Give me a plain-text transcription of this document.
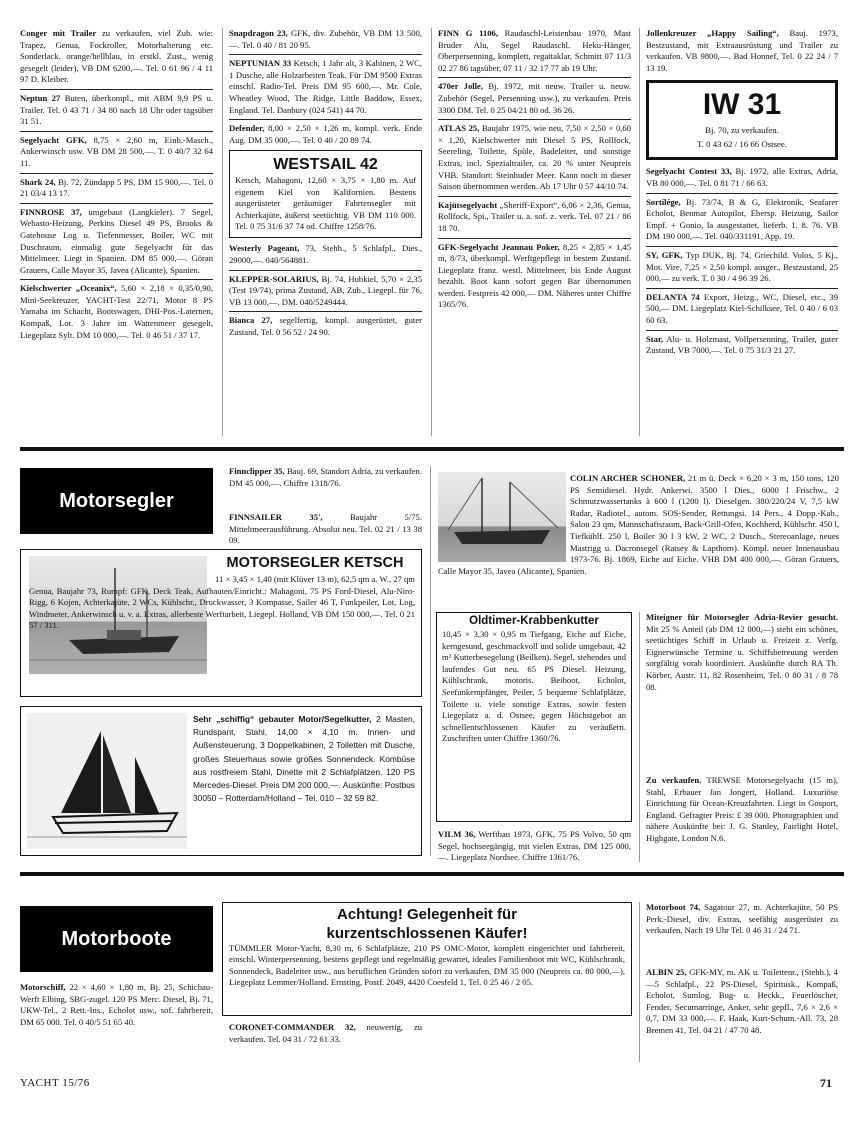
Conger mit Trailer zu verkaufen, viel Zub. wie: Trapez, Genua, Fockroller, Motorhalterung etc. Sonderlack. orange/hellblau, in erstkl. Zust., wenig gesegelt (leider), VB DM 6200,—. Tel. 0 61 96 / 4 11 97 D. Kleiber.

Neptun 27 Buten, überkompl., mit ABM 9,9 PS u. Trailer. Tel. 0 43 71 / 34 80 nach 18 Uhr oder tagsüber 31 51.

Segelyacht GFK, 8,75 × 2,60 m, Einb.-Masch., Ankerwinsch usw. VB DM 28 500,—. T. 0 40/7 32 64 11.

Shark 24, Bj. 72, Zündapp 5 PS, DM 15 900,—. Tel. 0 21 03/4 13 17.

FINNROSE 37, umgebaut (Langkieler). 7 Segel, Webasto-Heizung, Perkins Diesel 49 PS, Brooks & Gatehouse Log u. Tiefenmesser, Boiler, WC mit Duschraum, einmalig gute Segelyacht für das Mittelmeer. Liegt in Spanien. DM 85 000,—. Göran Grauers, Calle Mayor 35, Javea (Alicante), Spanien.

Kielschwerter „Oceanix“, 5,60 × 2,18 × 0,35/0,90, Mini-Seekreuzer, YACHT-Test 22/71, Motor 8 PS Yamaha im Schacht, Bootswagen, DHI-Pos.-Laternen, Kompaß, Lot. 3 Jahre im Wattenmeer gesegelt, Liegeplatz Sylt. DM 10 000,—. Tel. 0 46 51 / 37 17.

Snapdragon 23, GFK, div. Zubehör, VB DM 13 500,—. Tel. 0 40 / 81 20 95.

NEPTUNIAN 33 Ketsch, 1 Jahr alt, 3 Kabinen, 2 WC, 1 Dusche, alle Holzarbeiten Teak. Für DM 9500 Extras einschl. Radio-Tel. Preis DM 95 600,—. Mr. Cole, Wheatley Wood, The Ridge, Little Baddow, Essex, England. Tel. Danbury (024 541) 44 70.

Defender, 8,00 × 2,50 × 1,26 m, kompl. verk. Ende Aug. DM 35 000,—. Tel. 0 40 / 20 89 74.

WESTSAIL 42
Ketsch, Mahagoni, 12,60 × 3,75 × 1,80 m. Auf eigenem Kiel von Kalifornien. Bestens ausgerüsteter geräumiger Fahrtensegler mit Achterkajüte, äußerst seetüchtig. VB DM 110 000. Tel. 0 75 31/6 37 74 od. Chiffre 1258/76.

Westerly Pageant, 73, Stehh., 5 Schlafpl., Dies., 29000,—. 040/564881.

KLEPPER-SOLARIUS, Bj. 74, Hubkiel, 5,70 × 2,35 (Test 19/74), prima Zustand, AB, Zub., Liegepl. für 76, VB 13 000,—. DM. 040/5249444.

Bianca 27, segelfertig, kompl. ausgerüstet, guter Zustand, Tel. 0 56 52 / 24 90.

FINN G 1106, Raudaschl-Leistenbau 1970, Mast Bruder Alu, Segel Raudaschl. Heku-Hänger, Oberpersenning, komplett, regattaklar, Schmitt 07 11/3 02 27 86 tagsüber, 07 11 / 32 17 77 ab 19 Uhr.

470er Jolle, Bj. 1972, mit neuw. Trailer u. neuw. Zubehör (Segel, Persenning usw.), zu verkaufen. Preis 3300 DM. Tel. 0 25 04/21 80 od. 36 26.

ATLAS 25, Baujahr 1975, wie neu, 7,50 × 2,50 × 0,60 × 1,20, Kielschwerter mit Diesel 5 PS, Rollfock, Seereling, Toilette, Spüle, Badeleiter, und sonstige Extras, incl. Spezialtrailer, ca. 20 % unter Neupreis VHB. Standort: Steinhuder Meer. Kann noch in dieser Saison übernommen werden. Ab 17 Uhr 0 57 44/10 74.

Kajütsegelyacht „Sheriff-Export“, 6,06 × 2,36, Genua, Rollfock, Spi., Trailer u. a. sof. z. verk. Tel. 07 21 / 86 18 70.

GFK-Segelyacht Jeannau Poker, 8,25 × 2,85 × 1,45 m, 8/73, überkompl. Werftgepflegt in bestem Zustand. Liegeplatz franz. westl. Mittelmeer, bis Ende August bezahlt. Boot kann sofort gegen Bar übernommen werden. Festpreis 42 000,— DM. Näheres unter Chiffre 1365/76.

Jollenkreuzer „Happy Sailing“, Bauj. 1973, Bestzustand, mit Extraausrüstung und Trailer zu verkaufen. VB 9800,—. Bad Honnef, Tel. 0 22 24 / 7 13 19.

IW 31
Bj. 70, zu verkaufen.
T. 0 43 62 / 16 66 Ostsee.

Segelyacht Contest 33, Bj. 1972, alle Extras, Adria, VB 80 000,—. Tel. 0 81 71 / 66 63.

Sortilége, Bj. 73/74, B & G, Elektronik, Seafarer Echolot, Benmar Autopilot, Ebersp. Heizung, Sailor Empf. + Gonio, la ausgestattet, lieferb. 1. 8. 76. VB DM 190 000,—. Tel. 040/331191, App. 19.

SY, GFK, Typ DUK, Bj. 74, Griechild. Volos, 5 Kj., Mot. Vire, 7,25 × 2,50 kompl. ausger., Bestzustand, 25 000,— zu verk. T. 0 30 / 4 96 39 26.

DELANTA 74 Export, Heizg., WC, Diesel, etc., 39 500,— DM. Liegeplatz Kiel-Schilksee, Tel. 0 40 / 6 03 60 63.

Star, Alu- u. Holzmast, Vollpersenning, Trailer, guter Zustand, VB 7000,—. Tel. 0 75 31/3 21 27.

Motorsegler

Finnclipper 35, Bauj. 69, Standort Adria, zu verkaufen. DM 45 000,—. Chiffre 1318/76.

FINNSAILER 35', Baujahr 5/75. Mitteltmeerausführung. Absolut neu. Tel. 02 21 / 13 38 09.

MOTORSEGLER KETSCH
11 × 3,45 × 1,40 (mit Klüver 13 m), 62,5 qm a. W., 27 qm Genua, Baujahr 73, Rumpf: GFK, Deck Teak, Aufbauten/Einricht.: Mahagoni, 75 PS Ford-Diesel, Alu-Niro-Rigg, 6 Kojen, Achterkajüte, 2 WCs, Kühlschr., Druckwasser, 3 Kompasse, Sailer 46 T, Funkpeiler, Lot, Log, Windmeter, Ankerwinsch u. v. a. Extras, allerbeste Werftarbeit, Liegepl. Holland, VB DM 150 000,—. Tel. 0 21 57 / 311.

Sehr „schiffig“ gebauter Motor/Segelkutter, 2 Masten, Rundspant, Stahl, 14,00 × 4,10 m. Innen- und Außensteuerung, 3 Doppelkabinen, 2 Toiletten mit Dusche, großes Steuerhaus sowie großes Sonnendeck. Kombüse aus rostfreiem Stahl, Dinette mit 2 Schlafplätzen. 120 PS Mercedes-Diesel. Preis DM 200 000,—. Auskünfte: Postbus 30050 – Rotterdam/Holland – Tel. 010 – 32 59 82.

COLIN ARCHER SCHONER, 21 m ü. Deck × 6,20 × 3 m, 150 tons, 120 PS Semidiesel. Hydr. Ankerwi. 3500 l Dies., 6000 l Frischw., 2 Schmutzwassertanks à 600 l (1200 l). Dieselgen. 380/220/24 V, 7,5 kW Radar, Radiotel., autom. SOS-Sender, Rettungsi. 14 Pers., 4 Dopp.-Kab., Salon 23 qm, Mannschaftsraum, Back-Grill-Ofen, Kochherd, Kühlschr. 450 l, Tiefkühlf. 250 l, Boiler 30 l 3 kW, 2 WC, 2 Dusch., Stereoanlage, neues Mastrigg u. Dacronsegel (Ratsey & Lapthorn). Kompl. neuer Innenausbau 1973-76. Bj. 1869, Eiche auf Eiche. VHB DM 400 000,—. Göran Grauers, Calle Mayor 35, Javea (Alicante), Spanien.

Oldtimer-Krabbenkutter
10,45 × 3,30 × 0,95 m Tiefgang, Eiche auf Eiche, kerngesund, geschmackvoll und solide umgebaut, 42 m² Kutterbesegelung (Beilken). Segel, stehendes und laufendes Gut neu. 65 PS Diesel. Heizung, Kühlschrank, motoris. Beiboot, Echolot, Seefunkempfänger, Peiler, 5 bequeme Schlafplätze, Toilette u. viele sonstige Extras, sowie festen Liegeplatz a. d. Ostsee, gegen Höchstgebot an schnellentschlossenen Käufer zu veräußern. Zuschriften unter Chiffre 1360/76.

VILM 36, Werftbau 1973, GFK, 75 PS Volvo, 50 qm Segel, hochseegängig, mit vielen Extras, DM 125 000,—. Liegeplatz Nordsee. Chiffre 1361/76.

Miteigner für Motorsegler Adria-Revier gesucht. Mit 25 % Anteil (ab DM 12 000,—) steht ein schönes, seetüchtiges Schiff in Urlaub u. Freizeit z. Verfg. Eignerwünsche Termine u. Schiffsbetreuung werden sorgfältig vorab koordiniert. Auskünfte durch RA Th. Körber, Austr. 11, 82 Rosenheim, Tel. 0 80 31 / 8 78 08.

Zu verkaufen. TREWSE Motorsegelyacht (15 m), Stahl, Erbauer Jan Jongert, Holland. Luxuriöse Einrichtung für Ocean-Kreuzfahrten. Liegt in Gosport, England. Gefragter Preis: £ 39 000. Photographien und nähere Auskünfte bei: J. G. Stanley, Fairlight Hotel, Highgate, London N.6.

Motorboote

Motorschiff, 22 × 4,60 × 1,80 m, Bj. 25, Schichau-Werft Elbing, SBG-zugel. 120 PS Merc. Diesel, Bj. 71, UKW-Tel., 2 Rett.-Ins., Echolot usw., sof. fahrbereit, DM 65 000. Tel. 0 40/5 51 65 40.

Achtung! Gelegenheit für
kurzentschlossenen Käufer!
TÜMMLER Motor-Yacht, 8,30 m, 6 Schlafplätze, 210 PS OMC-Motor, komplett eingerichtet und fahrbereit, einschl. Winterpersenning, bestens gepflegt und regelmäßig gewartet, ideales Familienboot mit WC, Kühlschrank, Sonnendeck, Badeleiter usw., aus beruflichen Gründen sofort zu verkaufen, DM 35 000 (Neupreis ca. 80 000,—), Liegeplatz Lemmer/Holland. Ernsting, Postf. 2049, 4420 Coesfeld 1, Tel. 0 25 46 / 2 05.

CORONET-COMMANDER 32, neuwertig, zu verkaufen. Tel. 04 31 / 72 61 33.

Motorboot 74, Sagatour 27, m. Achterkajüte, 50 PS Perk.-Diesel, div. Extras, seefähig ausgerüstet zu verkaufen. Nach 19 Uhr Tel. 0 46 31 / 24 71.

ALBIN 25, GFK-MY, m. AK u. Toilettenr., (Stehh.), 4—5 Schlafpl., 22 PS-Diesel, Spiritusk., Kompaß, Echolot, Sumlog, Bug- u. Heckk., Feuerlöscher, Fender, Secumarringe, Anker, sehr gepfl., 7,6 × 2,6 × 0,7, DM 33 000,—. F. Haak, Kurt-Schum.-All. 73, 28 Bremen 41, Tel. 04 21 / 47 70 48.

YACHT 15/76	71
